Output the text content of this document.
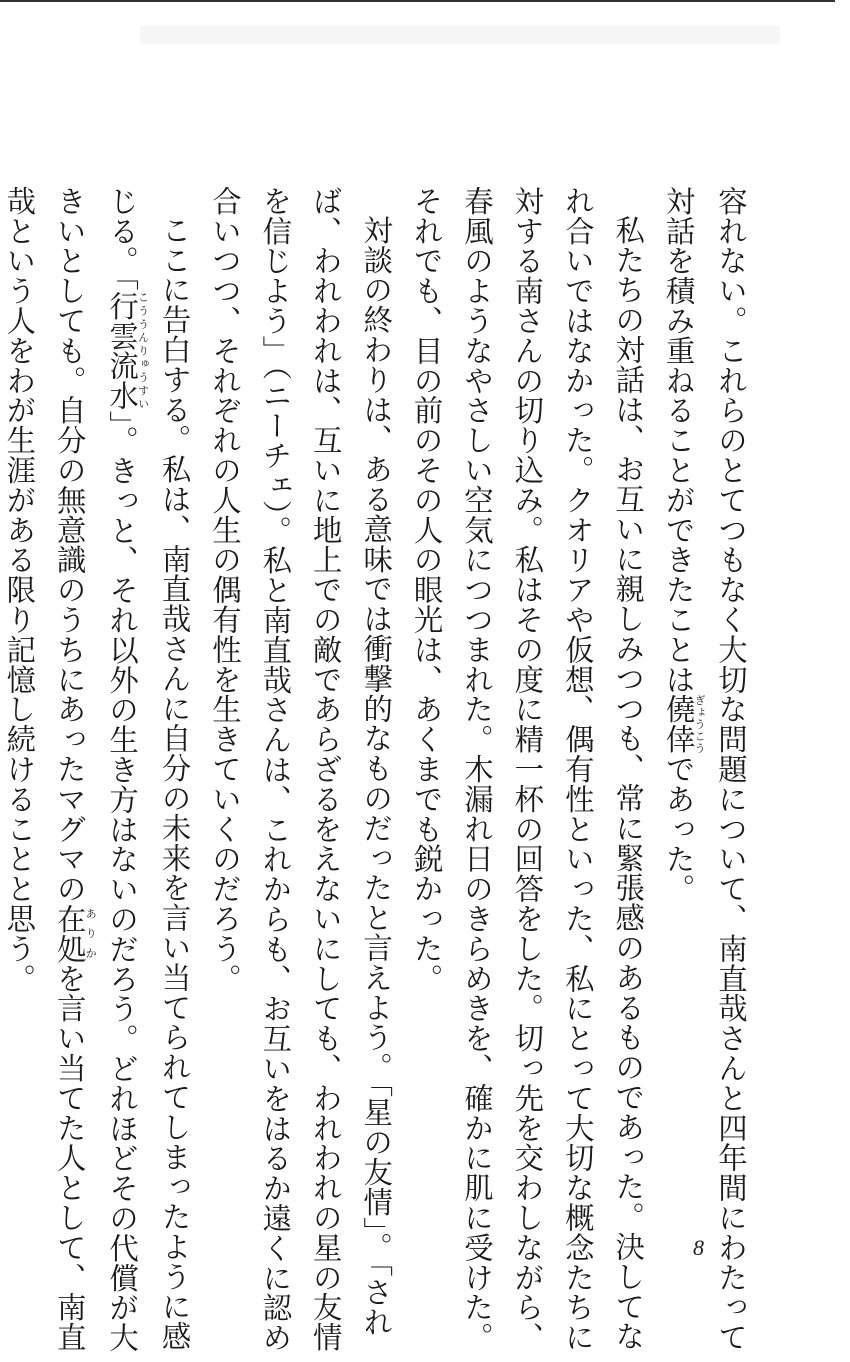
容れない。これらのとてつもなく大切な問題について、南直哉さんと四年間にわたって
対話を積み重ねることができたことは僥倖ぎょうこうであった。
私たちの対話は、お互いに親しみつつも、常に緊張感のあるものであった。決してな
れ合いではなかった。クオリアや仮想、偶有性といった、私にとって大切な概念たちに
対する南さんの切り込み。私はその度に精一杯の回答をした。切っ先を交わしながら、
春風のようなやさしい空気につつまれた。木漏れ日のきらめきを、確かに肌に受けた。
それでも、目の前のその人の眼光は、あくまでも鋭かった。
対談の終わりは、ある意味では衝撃的なものだったと言えよう。「星の友情」。「され
ば、われわれは、互いに地上での敵であらざるをえないにしても、われわれの星の友情
を信じよう」（ニーチェ）。私と南直哉さんは、これからも、お互いをはるか遠くに認め
合いつつ、それぞれの人生の偶有性を生きていくのだろう。
ここに告白する。私は、南直哉さんに自分の未来を言い当てられてしまったように感
じる。「行雲流水こううんりゅうすい」。きっと、それ以外の生き方はないのだろう。どれほどその代償が大
きいとしても。自分の無意識のうちにあったマグマの在処ありかを言い当てた人として、南直
哉という人をわが生涯がある限り記憶し続けることと思う。
8
